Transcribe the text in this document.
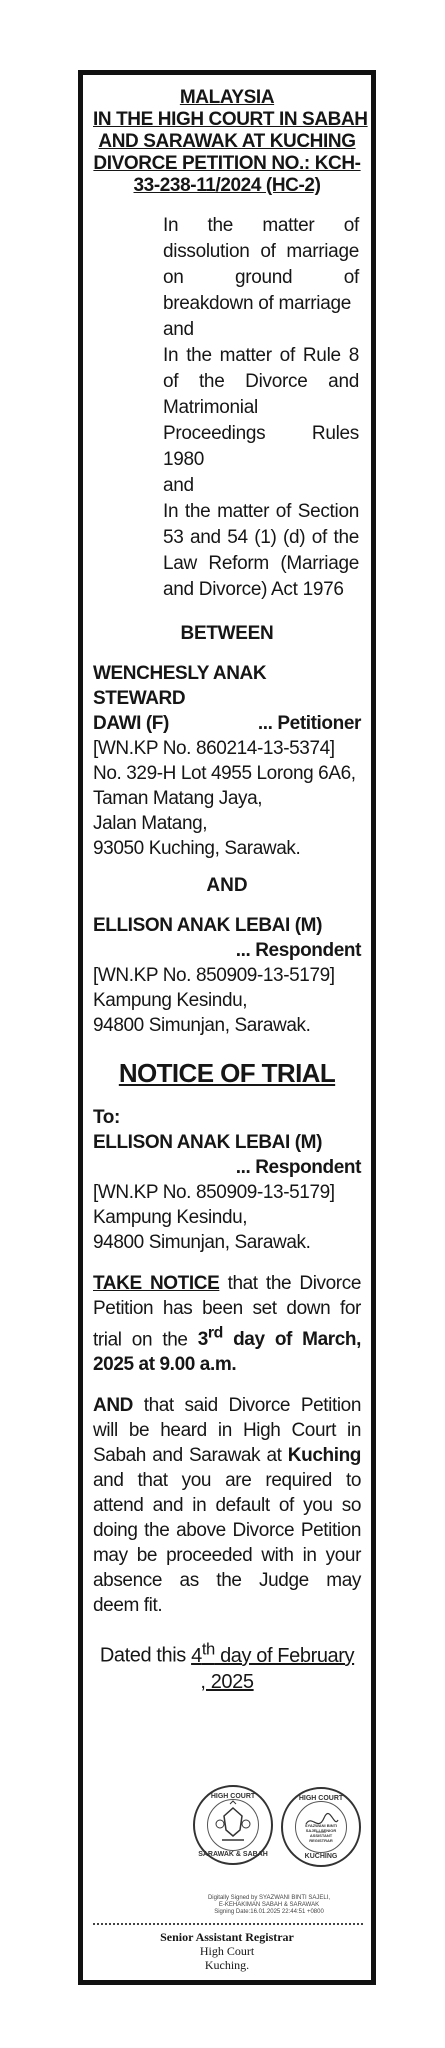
MALAYSIA
IN THE HIGH COURT IN SABAH
AND SARAWAK AT KUCHING
DIVORCE PETITION NO.: KCH-
33-238-11/2024 (HC-2)

In the matter of dissolution of marriage on ground of breakdown of marriage

and

In the matter of Rule 8 of the Divorce and Matrimonial Proceedings Rules 1980

and

In the matter of Section 53 and 54 (1) (d) of the Law Reform (Marriage and Divorce) Act 1976

BETWEEN
WENCHESLY ANAK STEWARD
DAWI (F)	... Petitioner
[WN.KP No. 860214-13-5374]
No. 329-H Lot 4955 Lorong 6A6,
Taman Matang Jaya,
Jalan Matang,
93050 Kuching, Sarawak.
AND
ELLISON ANAK LEBAI (M)
... Respondent
[WN.KP No. 850909-13-5179]
Kampung Kesindu,
94800 Simunjan, Sarawak.
NOTICE OF TRIAL
To:
ELLISON ANAK LEBAI (M)
... Respondent
[WN.KP No. 850909-13-5179]
Kampung Kesindu,
94800 Simunjan, Sarawak.
TAKE NOTICE that the Divorce Petition has been set down for trial on the 3rd day of March, 2025 at 9.00 a.m.
AND that said Divorce Petition will be heard in High Court in Sabah and Sarawak at Kuching and that you are required to attend and in default of you so doing the above Divorce Petition may be proceeded with in your absence as the Judge may deem fit.
Dated this 4th day of February
, 2025
HIGH COURT
SARAWAK & SABAH
HIGH COURT
SYAZWANI BINTI SAJELI SENIOR ASSISTANT REGISTRAR
KUCHING
Digitally Signed by SYAZWANI BINTI SAJELI,
E-KEHAKIMAN SABAH & SARAWAK
Signing Date:16.01.2025 22:44:51 +0800
Senior Assistant Registrar
High Court
Kuching.
